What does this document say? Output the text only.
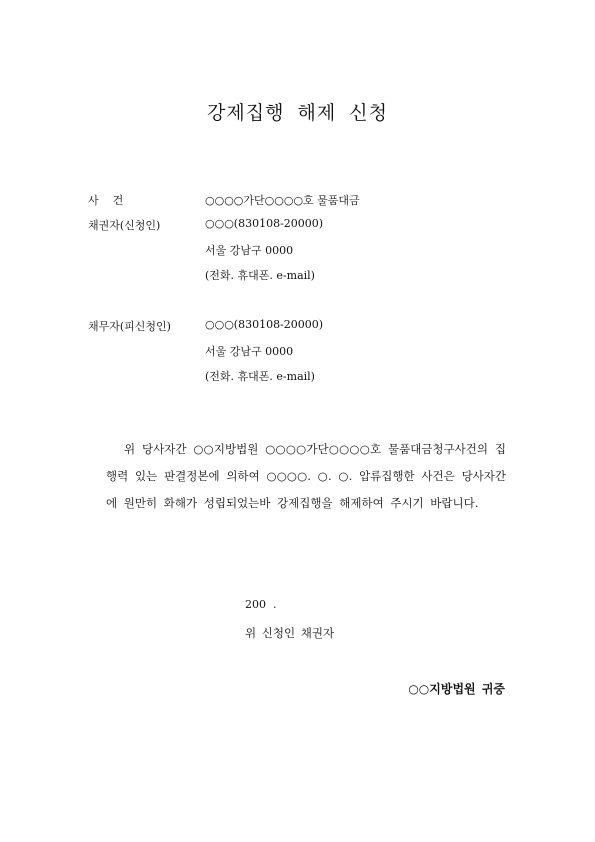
강제집행 해제 신청
사    건	○○○○가단○○○○호 물품대금
채권자(신청인)	○○○(830108-20000)
서울 강남구 0000
(전화. 휴대폰. e-mail)
채무자(피신청인)	○○○(830108-20000)
서울 강남구 0000
(전화. 휴대폰. e-mail)
위 당사자간 ○○지방법원 ○○○○가단○○○○호 물품대금청구사건의 집행력 있는 판결정본에 의하여 ○○○○. ○. ○. 압류집행한 사건은 당사자간에 원만히 화해가 성립되었는바 강제집행을 해제하여 주시기 바랍니다.
200  .
위 신청인 채권자
○○지방법원 귀중
